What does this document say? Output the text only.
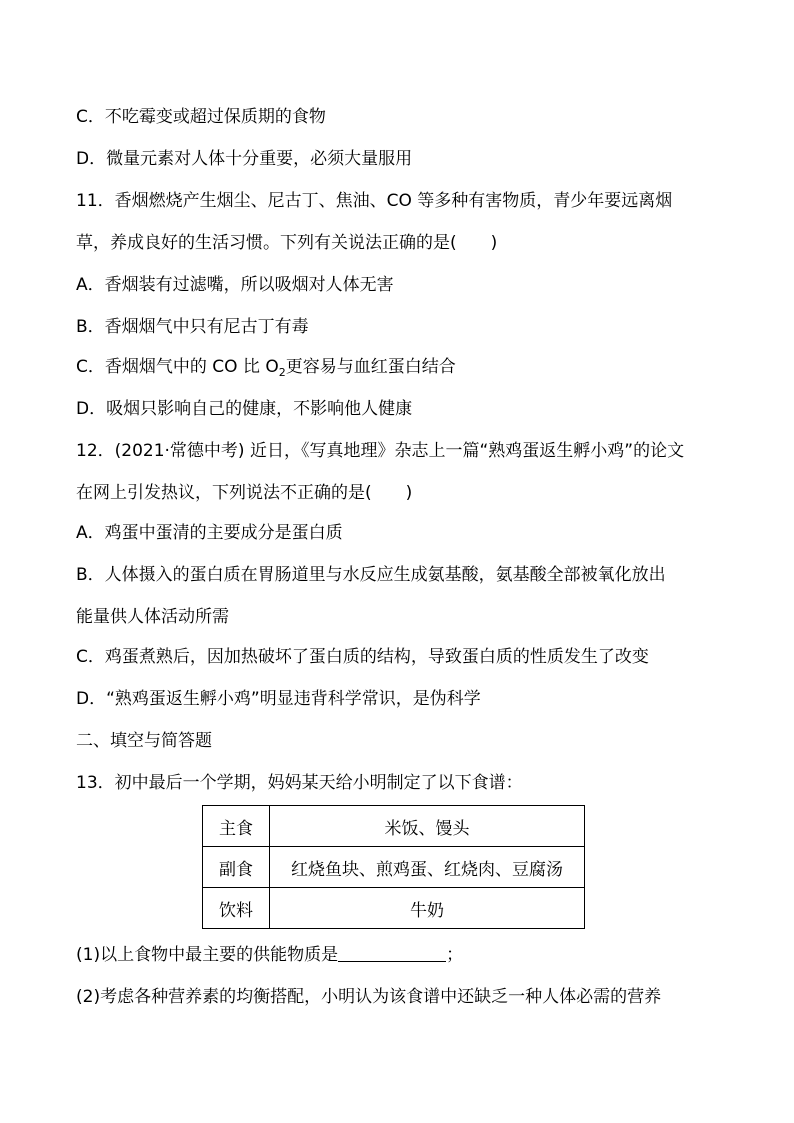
C．不吃霉变或超过保质期的食物
D．微量元素对人体十分重要，必须大量服用
11．香烟燃烧产生烟尘、尼古丁、焦油、CO 等多种有害物质，青少年要远离烟
草，养成良好的生活习惯。下列有关说法正确的是(　　)
A．香烟装有过滤嘴，所以吸烟对人体无害
B．香烟烟气中只有尼古丁有毒
C．香烟烟气中的 CO 比 $O_2$更容易与血红蛋白结合
D．吸烟只影响自己的健康，不影响他人健康
12．(2021·常德中考) 近日，《写真地理》杂志上一篇“熟鸡蛋返生孵小鸡”的论文
在网上引发热议，下列说法不正确的是(　　)
A．鸡蛋中蛋清的主要成分是蛋白质
B．人体摄入的蛋白质在胃肠道里与水反应生成氨基酸，氨基酸全部被氧化放出
能量供人体活动所需
C．鸡蛋煮熟后，因加热破坏了蛋白质的结构，导致蛋白质的性质发生了改变
D．“熟鸡蛋返生孵小鸡”明显违背科学常识，是伪科学
二、填空与简答题
13．初中最后一个学期，妈妈某天给小明制定了以下食谱：
主食	米饭、馒头
副食	红烧鱼块、煎鸡蛋、红烧肉、豆腐汤
饮料	牛奶
(1)以上食物中最主要的供能物质是	；
(2)考虑各种营养素的均衡搭配，小明认为该食谱中还缺乏一种人体必需的营养
